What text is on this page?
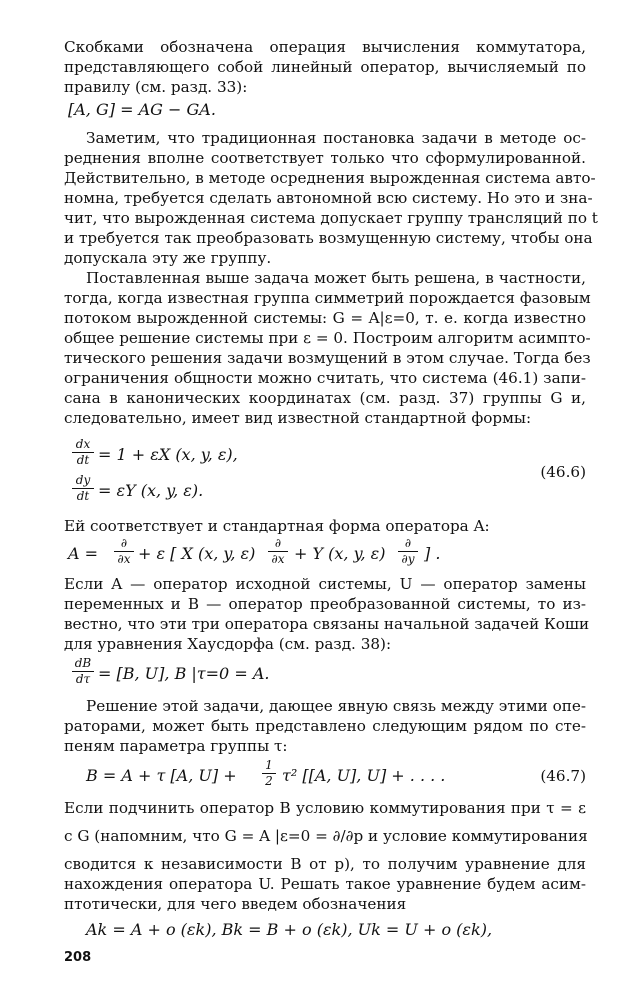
Скобками обозначена операция вычисления коммутатора,
представляющего собой линейный оператор, вычисляемый по
правилу (см. разд. 33):
[A, G] = AG − GA.
Заметим, что традиционная постановка задачи в методе ос-
реднения вполне соответствует только что сформулированной.
Действительно, в методе осреднения вырожденная система авто-
номна, требуется сделать автономной всю систему. Но это и зна-
чит, что вырожденная система допускает группу трансляций по t
и требуется так преобразовать возмущенную систему, чтобы она
допускала эту же группу.
Поставленная выше задача может быть решена, в частности,
тогда, когда известная группа симметрий порождается фазовым
потоком вырожденной системы: G = A|ε=0, т. е. когда известно
общее решение системы при ε = 0. Построим алгоритм асимпто-
тического решения задачи возмущений в этом случае. Тогда без
ограничения общности можно считать, что система (46.1) запи-
сана в канонических координатах (см. разд. 37) группы G и,
следовательно, имеет вид известной стандартной формы:
dx
dt = 1 + εX (x, y, ε),
dy
dt = εY (x, y, ε).
(46.6)
Ей соответствует и стандартная форма оператора A:
A =
∂
∂x + ε [ X (x, y, ε)
∂
∂x + Y (x, y, ε)
∂
∂y ] .
Если A — оператор исходной системы, U — оператор замены
переменных и B — оператор преобразованной системы, то из-
вестно, что эти три оператора связаны начальной задачей Коши
для уравнения Хаусдорфа (см. разд. 38):
dB
dτ = [B, U], B |τ=0 = A.
Решение этой задачи, дающее явную связь между этими опе-
раторами, может быть представлено следующим рядом по сте-
пеням параметра группы τ:
B = A + τ [A, U] +
1
2 τ² [[A, U], U] + . . . .	(46.7)
Если подчинить оператор B условию коммутирования при τ = ε
с G (напомним, что G = A |ε=0 = ∂/∂p и условие коммутирования
сводится к независимости B от p), то получим уравнение для
нахождения оператора U. Решать такое уравнение будем асим-
птотически, для чего введем обозначения
Ak = A + o (εk), Bk = B + o (εk), Uk = U + o (εk),
208
